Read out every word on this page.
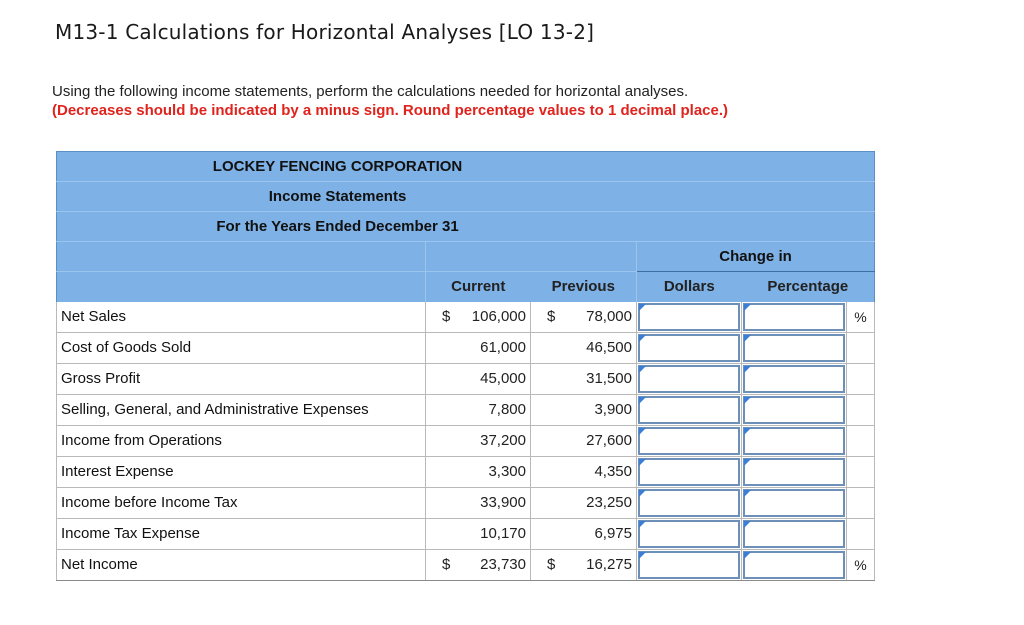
M13-1 Calculations for Horizontal Analyses [LO 13-2]
Using the following income statements, perform the calculations needed for horizontal analyses.
(Decreases should be indicated by a minus sign. Round percentage values to 1 decimal place.)
LOCKEY FENCING CORPORATION					
Income Statements					
For the Years Ended December 31					
			Change in		
	Current	Previous	Dollars	Percentage	
Net Sales	$ 106,000	$ 78,000			%
Cost of Goods Sold	61,000	46,500	

Gross Profit	45,000	31,500	

Selling, General, and Administrative Expenses	7,800	3,900	

Income from Operations	37,200	27,600	

Interest Expense	3,300	4,350	

Income before Income Tax	33,900	23,250	

Income Tax Expense	10,170	6,975	

Net Income	$ 23,730	$ 16,275			%
